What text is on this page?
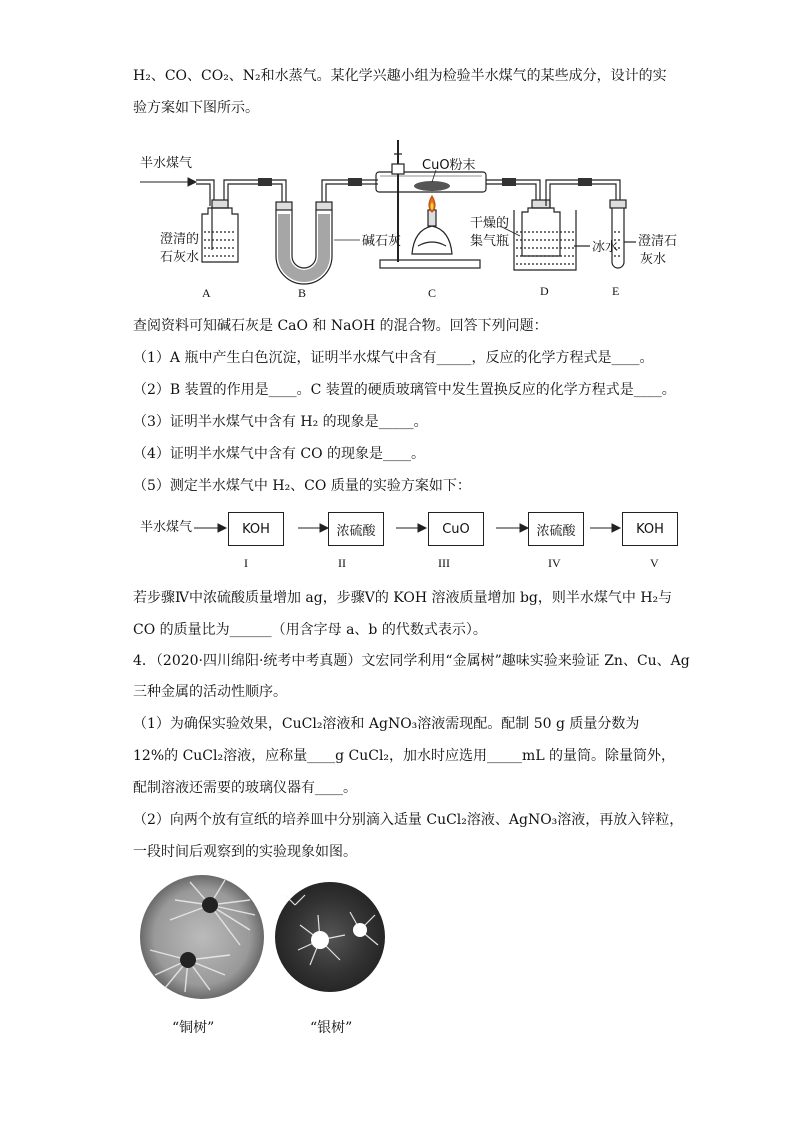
H₂、CO、CO₂、N₂和水蒸气。某化学兴趣小组为检验半水煤气的某些成分，设计的实
验方案如下图所示。
半水煤气	CuO粉末
澄清的
石灰水
碱石灰
干燥的
集气瓶	冰水 澄清石
灰水
A	B	C	D	E
查阅资料可知碱石灰是 CaO 和 NaOH 的混合物。回答下列问题：
（1）A 瓶中产生白色沉淀，证明半水煤气中含有_____，反应的化学方程式是____。
（2）B 装置的作用是____。C 装置的硬质玻璃管中发生置换反应的化学方程式是____。
（3）证明半水煤气中含有 H₂ 的现象是_____。
（4）证明半水煤气中含有 CO 的现象是____。
（5）测定半水煤气中 H₂、CO 质量的实验方案如下：
半水煤气	KOH	浓硫酸	CuO	浓硫酸	KOH
I	II	III	IV	V
若步骤Ⅳ中浓硫酸质量增加 ag，步骤Ⅴ的 KOH 溶液质量增加 bg，则半水煤气中 H₂与
CO 的质量比为______（用含字母 a、b 的代数式表示）。
4．（2020·四川绵阳·统考中考真题）文宏同学利用“金属树”趣味实验来验证 Zn、Cu、Ag
三种金属的活动性顺序。
（1）为确保实验效果，CuCl₂溶液和 AgNO₃溶液需现配。配制 50 g 质量分数为
12%的 CuCl₂溶液，应称量____g CuCl₂，加水时应选用_____mL 的量筒。除量筒外，
配制溶液还需要的玻璃仪器有____。
（2）向两个放有宣纸的培养皿中分别滴入适量 CuCl₂溶液、AgNO₃溶液，再放入锌粒，
一段时间后观察到的实验现象如图。
“铜树”	“银树”
